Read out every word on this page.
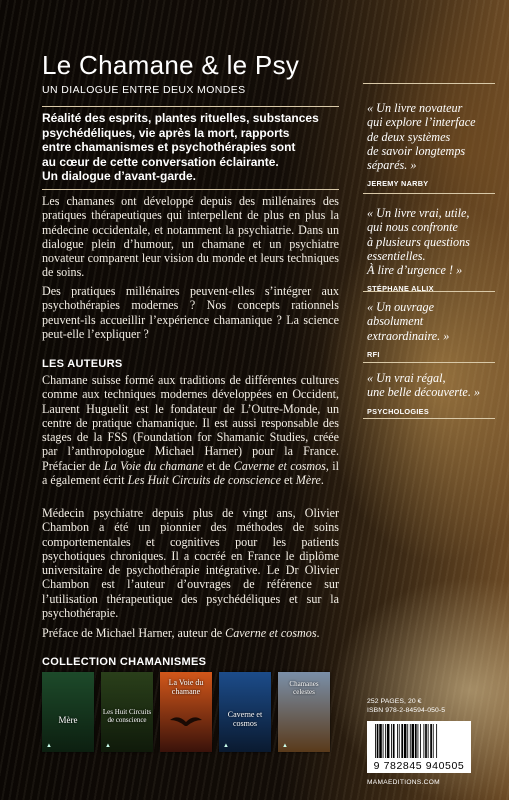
Le Chamane & le Psy
UN DIALOGUE ENTRE DEUX MONDES
Réalité des esprits, plantes rituelles, substances
psychédéliques, vie après la mort, rapports
entre chamanismes et psychothérapies sont
au cœur de cette conversation éclairante.
Un dialogue d’avant-garde.
Les chamanes ont développé depuis des millénaires des pratiques thérapeutiques qui interpellent de plus en plus la médecine occidentale, et notamment la psychiatrie. Dans un dialogue plein d’humour, un chamane et un psychiatre novateur comparent leur vision du monde et leurs techniques de soins.
Des pratiques millénaires peuvent-elles s’intégrer aux psychothérapies modernes ? Nos concepts rationnels peuvent-ils accueillir l’expérience chamanique ? La science peut-elle l’expliquer ?
LES AUTEURS
Chamane suisse formé aux traditions de différentes cultures comme aux techniques modernes développées en Occident, Laurent Huguelit est le fondateur de L’Outre-Monde, un centre de pratique chamanique. Il est aussi responsable des stages de la FSS (Foundation for Shamanic Studies, créée par l’anthropologue Michael Harner) pour la France. Préfacier de La Voie du chamane et de Caverne et cosmos, il a également écrit Les Huit Circuits de conscience et Mère.
Médecin psychiatre depuis plus de vingt ans, Olivier Chambon a été un pionnier des méthodes de soins comportementales et cognitives pour les patients psychotiques chroniques. Il a cocréé en France le diplôme universitaire de psychothérapie intégrative. Le Dr Olivier Chambon est l’auteur d’ouvrages de référence sur l’utilisation thérapeutique des psychédéliques et sur la psychothérapie.
Préface de Michael Harner, auteur de Caverne et cosmos.
COLLECTION CHAMANISMES
Mère
▲
Les Huit Circuits de conscience
▲
La Voie du chamane
Caverne et cosmos
▲
Chamanes celestes
▲
« Un livre novateur
qui explore l’interface
de deux systèmes
de savoir longtemps
séparés. »
JEREMY NARBY
« Un livre vrai, utile,
qui nous confronte
à plusieurs questions
essentielles.
À lire d’urgence ! »
STÉPHANE ALLIX
« Un ouvrage
absolument
extraordinaire. »
RFI
« Un vrai régal,
une belle découverte. »
PSYCHOLOGIES
252 PAGES, 20 €
ISBN 978-2-84594-050-5
9 782845 940505
MAMAEDITIONS.COM
